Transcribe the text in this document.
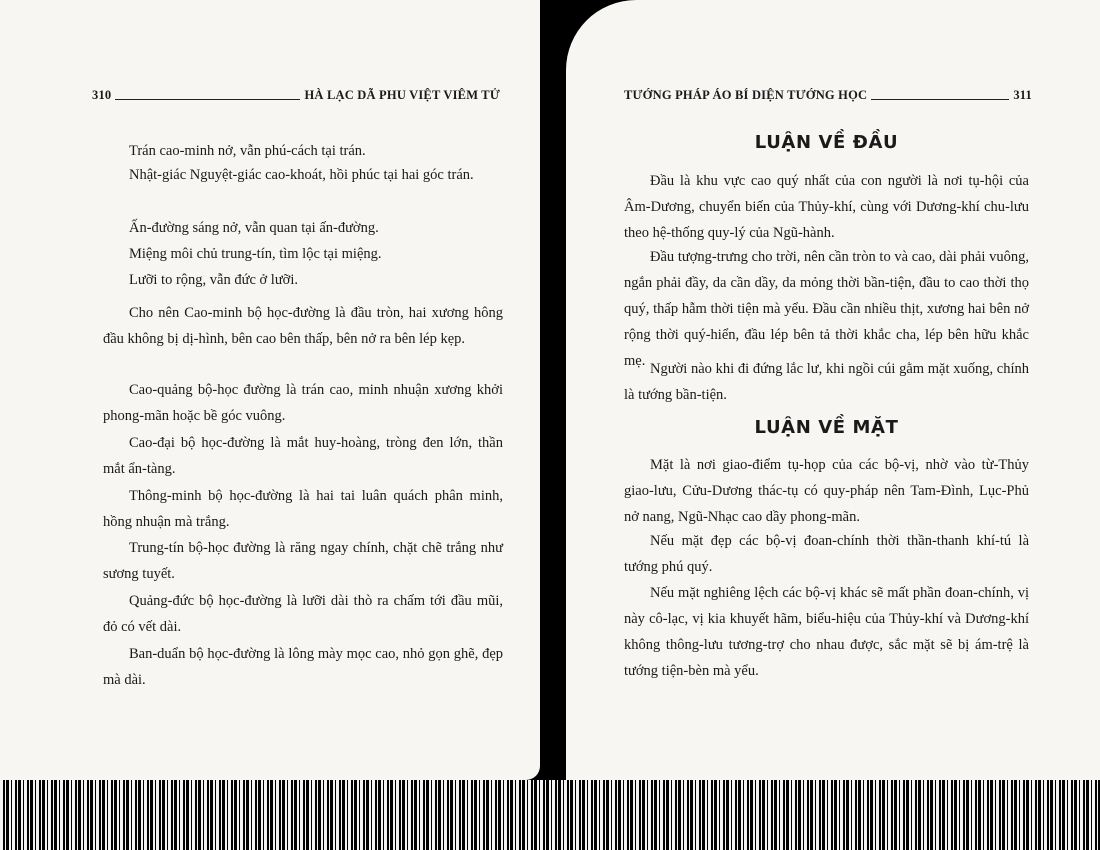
310	HÀ LẠC DÃ PHU VIỆT VIÊM TỬ

Trán cao-minh nở, vẫn phú-cách tại trán.

Nhật-giác Nguyệt-giác cao-khoát, hồi phúc tại hai góc trán.

Ấn-đường sáng nở, vẫn quan tại ấn-đường.

Miệng môi chủ trung-tín, tìm lộc tại miệng.

Lưỡi to rộng, vẫn đức ở lưỡi.

Cho nên Cao-minh bộ học-đường là đầu tròn, hai xương hông đầu không bị dị-hình, bên cao bên thấp, bên nở ra bên lép kẹp.

Cao-quảng bộ-học đường là trán cao, minh nhuận xương khởi phong-mãn hoặc bề góc vuông.

Cao-đại bộ học-đường là mắt huy-hoàng, tròng đen lớn, thần mắt ẩn-tàng.

Thông-minh bộ học-đường là hai tai luân quách phân minh, hồng nhuận mà trắng.

Trung-tín bộ-học đường là răng ngay chính, chặt chẽ trắng như sương tuyết.

Quảng-đức bộ học-đường là lưỡi dài thò ra chấm tới đầu mũi, đỏ có vết dài.

Ban-duẩn bộ học-đường là lông mày mọc cao, nhỏ gọn ghẽ, đẹp mà dài.

TƯỚNG PHÁP ÁO BÍ DIỆN TƯỚNG HỌC	311
LUẬN VỀ ĐẦU

Đầu là khu vực cao quý nhất của con người là nơi tụ-hội của Âm-Dương, chuyển biến của Thủy-khí, cùng với Dương-khí chu-lưu theo hệ-thống quy-lý của Ngũ-hành.

Đầu tượng-trưng cho trời, nên cần tròn to và cao, dài phải vuông, ngắn phải đầy, da cần dầy, da mỏng thời bần-tiện, đầu to cao thời thọ quý, thấp hẫm thời tiện mà yểu. Đầu cần nhiều thịt, xương hai bên nở rộng thời quý-hiển, đầu lép bên tả thời khắc cha, lép bên hữu khắc mẹ. Người nào khi đi đứng lắc lư, khi ngồi cúi gằm mặt xuống, chính là tướng bần-tiện.

LUẬN VỀ MẶT

Mặt là nơi giao-điểm tụ-họp của các bộ-vị, nhờ vào từ-Thủy giao-lưu, Cửu-Dương thác-tụ có quy-pháp nên Tam-Đình, Lục-Phủ nở nang, Ngũ-Nhạc cao dầy phong-mãn.

Nếu mặt đẹp các bộ-vị đoan-chính thời thần-thanh khí-tú là tướng phú quý.

Nếu mặt nghiêng lệch các bộ-vị khác sẽ mất phần đoan-chính, vị này cô-lạc, vị kia khuyết hãm, biểu-hiệu của Thủy-khí và Dương-khí không thông-lưu tương-trợ cho nhau được, sắc mặt sẽ bị ám-trệ là tướng tiện-bèn mà yểu.
